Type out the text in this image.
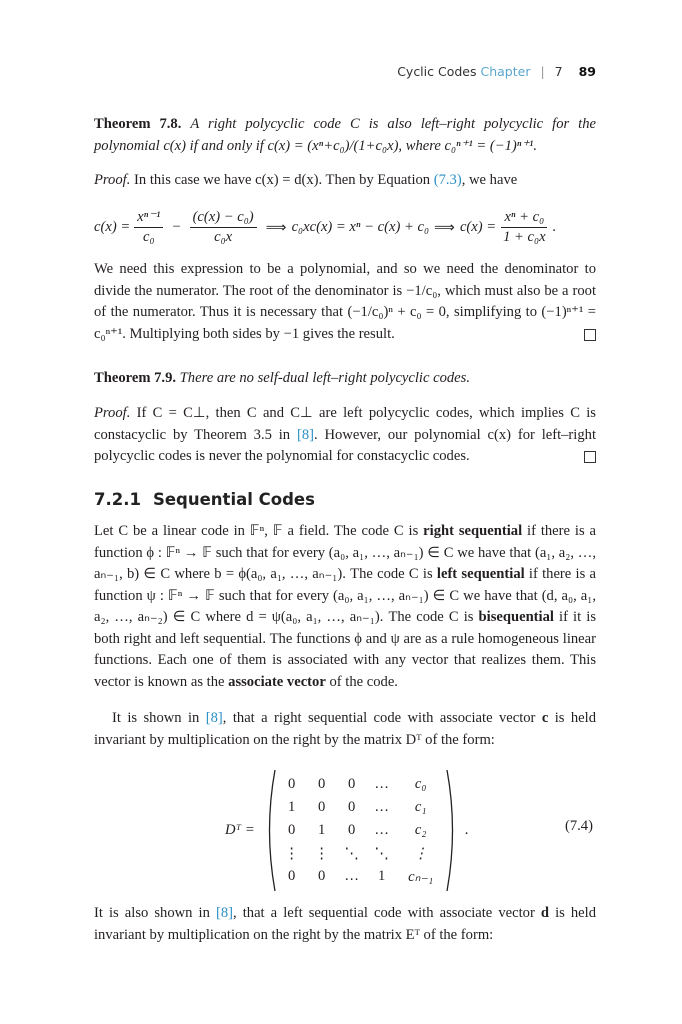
Cyclic Codes Chapter | 7 89
Theorem 7.8. A right polycyclic code C is also left–right polycyclic for the polynomial c(x) if and only if c(x) = (xⁿ+c₀)/(1+c₀x), where c₀ⁿ⁺¹ = (−1)ⁿ⁺¹.
Proof. In this case we have c(x) = d(x). Then by Equation (7.3), we have
$c(x) = \frac{\text{xⁿ⁻¹}}{\text{c₀}} - \frac{\text{(c(x) − c₀)}}{\text{c₀x}}$ ⟹ c₀xc(x) = xⁿ − c(x) + c₀ ⟹ $c(x) = \frac{\text{xⁿ + c₀}}{\text{1 + c₀x}}$ .
We need this expression to be a polynomial, and so we need the denominator to divide the numerator. The root of the denominator is −1/c₀, which must also be a root of the numerator. Thus it is necessary that (−1/c₀)ⁿ + c₀ = 0, simplifying to (−1)ⁿ⁺¹ = c₀ⁿ⁺¹. Multiplying both sides by −1 gives the result.
Theorem 7.9. There are no self-dual left–right polycyclic codes.
Proof. If C = C⊥, then C and C⊥ are left polycyclic codes, which implies C is constacyclic by Theorem 3.5 in [8]. However, our polynomial c(x) for left–right polycyclic codes is never the polynomial for constacyclic codes.
7.2.1 Sequential Codes
Let C be a linear code in 𝔽ⁿ, 𝔽 a field. The code C is right sequential if there is a function ϕ : 𝔽ⁿ → 𝔽 such that for every (a₀, a₁, …, aₙ₋₁) ∈ C we have that (a₁, a₂, …, aₙ₋₁, b) ∈ C where b = ϕ(a₀, a₁, …, aₙ₋₁). The code C is left sequential if there is a function ψ : 𝔽ⁿ → 𝔽 such that for every (a₀, a₁, …, aₙ₋₁) ∈ C we have that (d, a₀, a₁, a₂, …, aₙ₋₂) ∈ C where d = ψ(a₀, a₁, …, aₙ₋₁). The code C is bisequential if it is both right and left sequential. The functions ϕ and ψ are as a rule homogeneous linear functions. Each one of them is associated with any vector that realizes them. This vector is known as the associate vector of the code.
It is shown in [8], that a right sequential code with associate vector c is held invariant by multiplication on the right by the matrix Dᵀ of the form:
Dᵀ =
0	0	0	…	c₀
1	0	0	…	c₁
0	1	0	…	c₂
⋮	⋮	⋱	⋱	⋮
0	0	…	1	cₙ₋₁
.	(7.4)
It is also shown in [8], that a left sequential code with associate vector d is held invariant by multiplication on the right by the matrix Eᵀ of the form:
